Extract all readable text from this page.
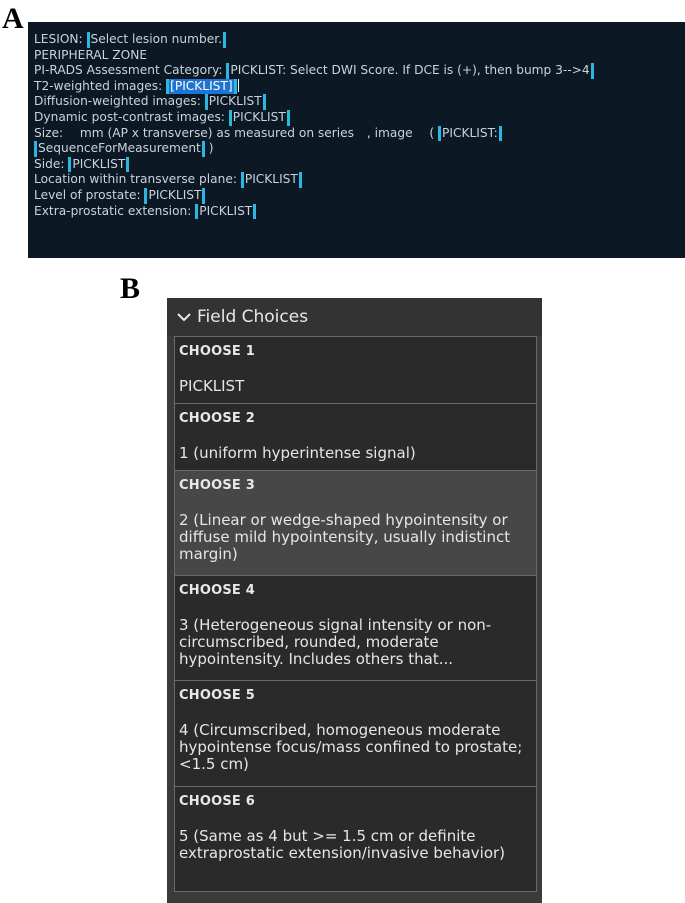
A
B
LESION: Select lesion number.
PERIPHERAL ZONE
PI-RADS Assessment Category: PICKLIST: Select DWI Score. If DCE is (+), then bump 3-->4
T2-weighted images: [PICKLIST]
Diffusion-weighted images: PICKLIST
Dynamic post-contrast images: PICKLIST
Size:  mm (AP x transverse) as measured on series , image  ( PICKLIST:
SequenceForMeasurement )
Side: PICKLIST
Location within transverse plane: PICKLIST
Level of prostate: PICKLIST
Extra-prostatic extension: PICKLIST
Field Choices
CHOOSE 1
PICKLIST
CHOOSE 2
1 (uniform hyperintense signal)
CHOOSE 3
2 (Linear or wedge-shaped hypointensity or diffuse mild hypointensity, usually indistinct margin)
CHOOSE 4
3 (Heterogeneous signal intensity or non-circumscribed, rounded, moderate hypointensity. Includes others that...
CHOOSE 5
4 (Circumscribed, homogeneous moderate hypointense focus/mass confined to prostate; <1.5 cm)
CHOOSE 6
5 (Same as 4 but >= 1.5 cm or definite extraprostatic extension/invasive behavior)
